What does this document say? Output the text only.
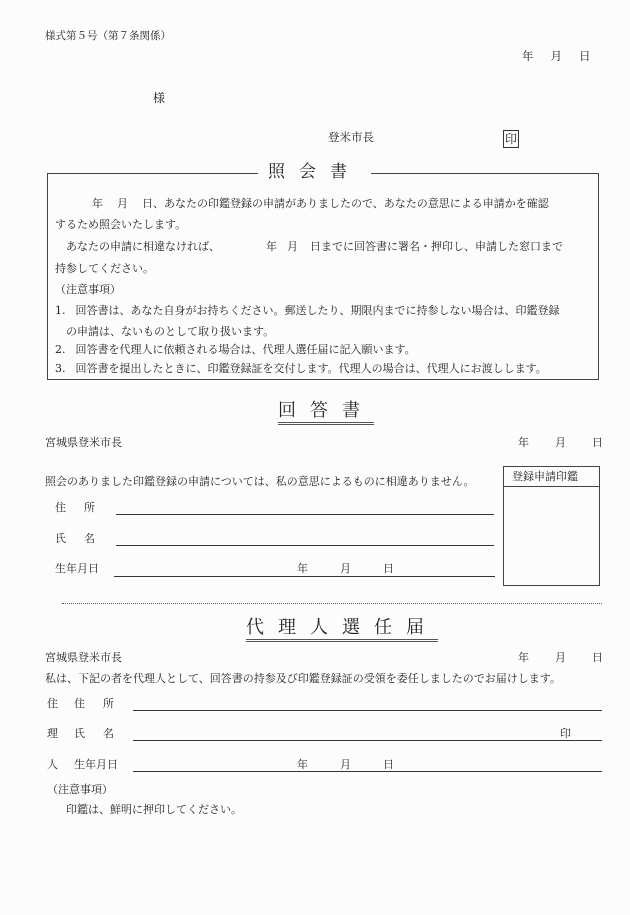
様式第５号（第７条関係）
年 月 日
様
登米市長	印
照会書
年 月 日、あなたの印鑑登録の申請がありましたので、あなたの意思による申請かを確認
するため照会いたします。
あなたの申請に相違なければ、	年 月 日までに回答書に署名・押印し、申請した窓口まで
持参してください。
（注意事項）
1. 回答書は、あなた自身がお持ちください。郵送したり、期限内までに持参しない場合は、印鑑登録
の申請は、ないものとして取り扱います。
2. 回答書を代理人に依頼される場合は、代理人選任届に記入願います。
3. 回答書を提出したときに、印鑑登録証を交付します。代理人の場合は、代理人にお渡しします。
回答書
宮城県登米市長	年 月 日
照会のありました印鑑登録の申請については、私の意思によるものに相違ありません。	登録申請印鑑
住所
氏名
生年月日	年	月	日
代理人選任届
宮城県登米市長	年 月 日
私は、下記の者を代理人として、回答書の持参及び印鑑登録証の受領を委任しましたのでお届けします。
住
理
人
住所
氏名	印
生年月日	年	月	日
（注意事項）
印鑑は、鮮明に押印してください。
